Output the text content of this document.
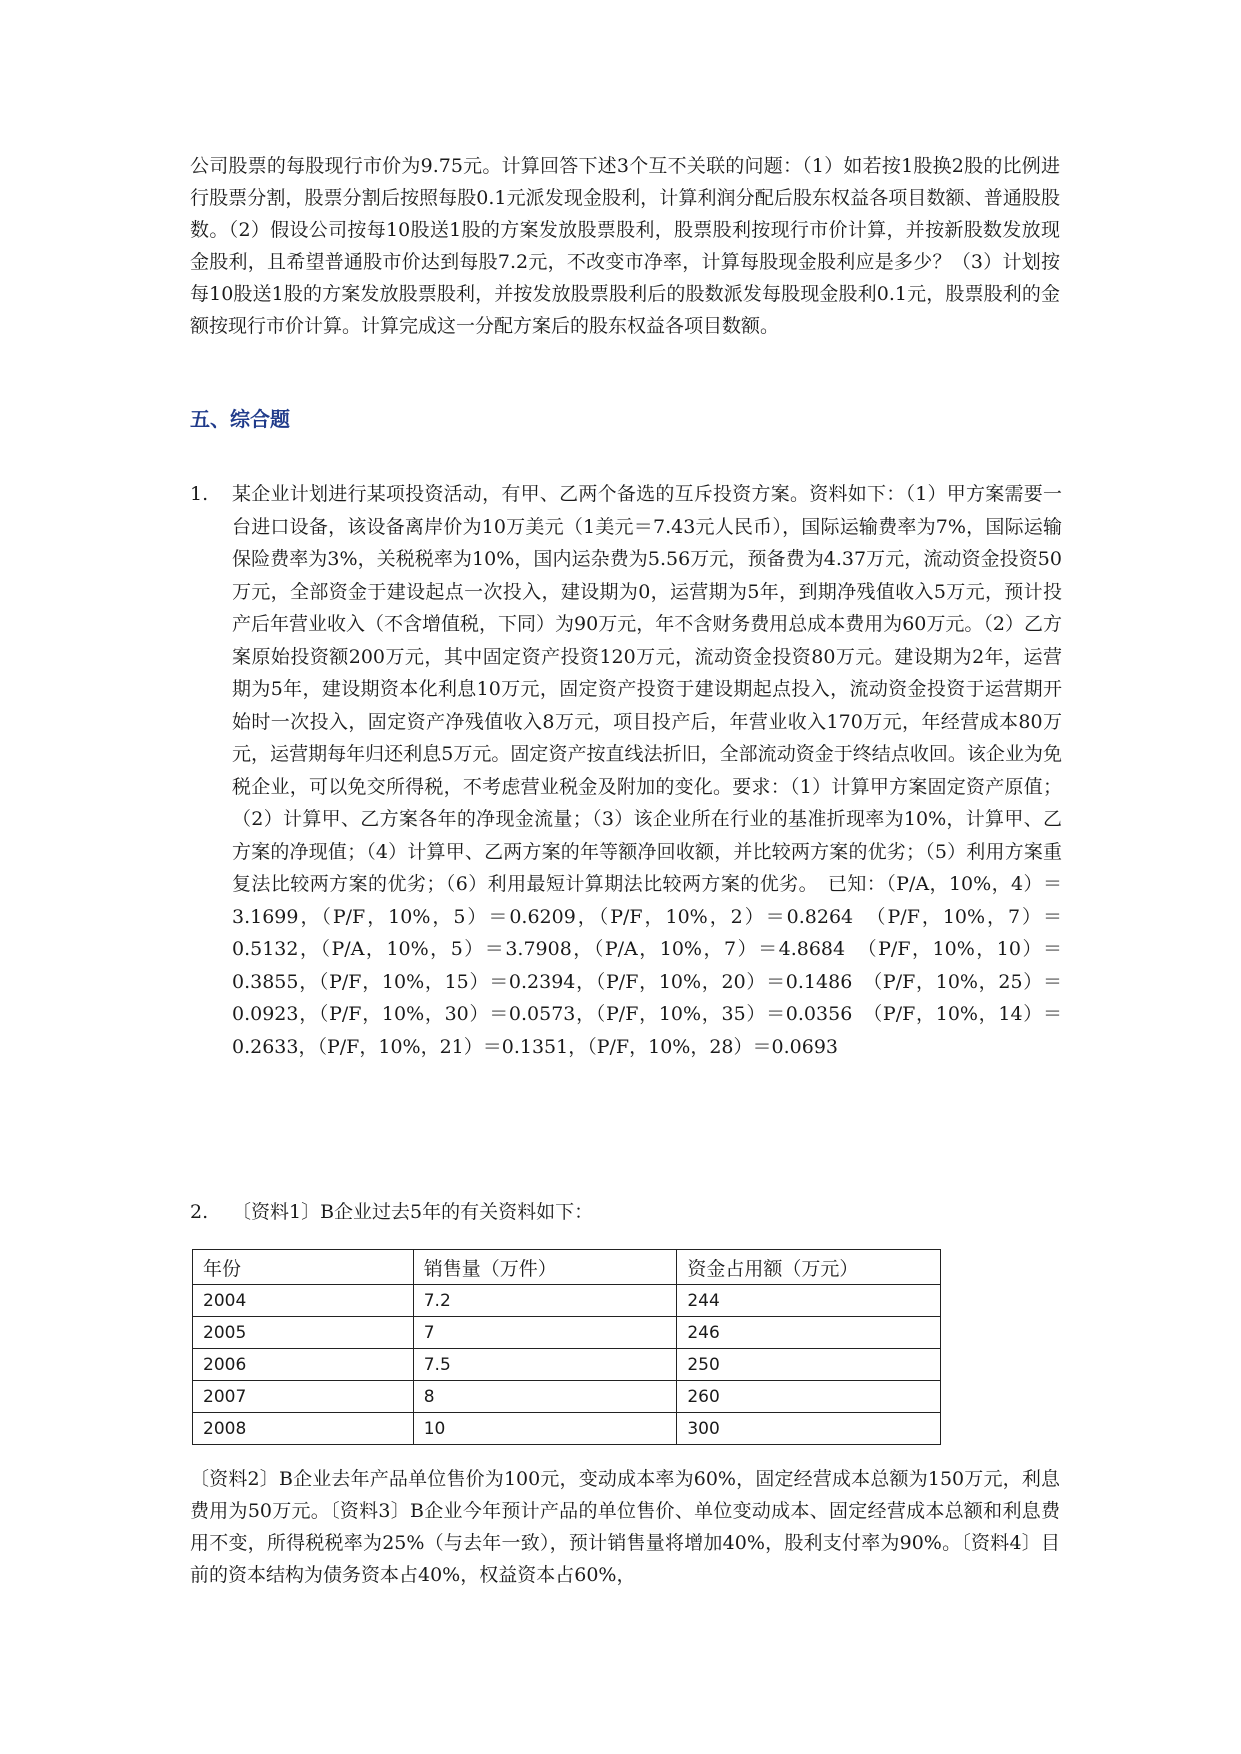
公司股票的每股现行市价为9.75元。计算回答下述3个互不关联的问题：（1）如若按1股换2股的比例进行股票分割，股票分割后按照每股0.1元派发现金股利，计算利润分配后股东权益各项目数额、普通股股数。（2）假设公司按每10股送1股的方案发放股票股利，股票股利按现行市价计算，并按新股数发放现金股利，且希望普通股市价达到每股7.2元，不改变市净率，计算每股现金股利应是多少？（3）计划按每10股送1股的方案发放股票股利，并按发放股票股利后的股数派发每股现金股利0.1元，股票股利的金额按现行市价计算。计算完成这一分配方案后的股东权益各项目数额。

五、综合题
1. 某企业计划进行某项投资活动，有甲、乙两个备选的互斥投资方案。资料如下：（1）甲方案需要一台进口设备，该设备离岸价为10万美元（1美元＝7.43元人民币），国际运输费率为7%，国际运输保险费率为3%，关税税率为10%，国内运杂费为5.56万元，预备费为4.37万元，流动资金投资50万元，全部资金于建设起点一次投入，建设期为0，运营期为5年，到期净残值收入5万元，预计投产后年营业收入（不含增值税，下同）为90万元，年不含财务费用总成本费用为60万元。（2）乙方案原始投资额200万元，其中固定资产投资120万元，流动资金投资80万元。建设期为2年，运营期为5年，建设期资本化利息10万元，固定资产投资于建设期起点投入，流动资金投资于运营期开始时一次投入，固定资产净残值收入8万元，项目投产后，年营业收入170万元，年经营成本80万元，运营期每年归还利息5万元。固定资产按直线法折旧，全部流动资金于终结点收回。该企业为免税企业，可以免交所得税，不考虑营业税金及附加的变化。要求：（1）计算甲方案固定资产原值；（2）计算甲、乙方案各年的净现金流量；（3）该企业所在行业的基准折现率为10%，计算甲、乙方案的净现值；（4）计算甲、乙两方案的年等额净回收额，并比较两方案的优劣；（5）利用方案重复法比较两方案的优劣；（6）利用最短计算期法比较两方案的优劣。　已知：（P/A，10%，4）＝3.1699，（P/F，10%，5）＝0.6209，（P/F，10%，2）＝0.8264　（P/F，10%，7）＝0.5132，（P/A，10%，5）＝3.7908，（P/A，10%，7）＝4.8684　（P/F，10%，10）＝0.3855，（P/F，10%，15）＝0.2394，（P/F，10%，20）＝0.1486　（P/F，10%，25）＝0.0923，（P/F，10%，30）＝0.0573，（P/F，10%，35）＝0.0356　（P/F，10%，14）＝0.2633，（P/F，10%，21）＝0.1351，（P/F，10%，28）＝0.0693

2. 〔资料1〕B企业过去5年的有关资料如下：

年份	销售量（万件）	资金占用额（万元）
2004	7.2	244
2005	7	246
2006	7.5	250
2007	8	260
2008	10	300

〔资料2〕B企业去年产品单位售价为100元，变动成本率为60%，固定经营成本总额为150万元，利息费用为50万元。〔资料3〕B企业今年预计产品的单位售价、单位变动成本、固定经营成本总额和利息费用不变，所得税税率为25%（与去年一致），预计销售量将增加40%，股利支付率为90%。〔资料4〕目前的资本结构为债务资本占40%，权益资本占60%，
